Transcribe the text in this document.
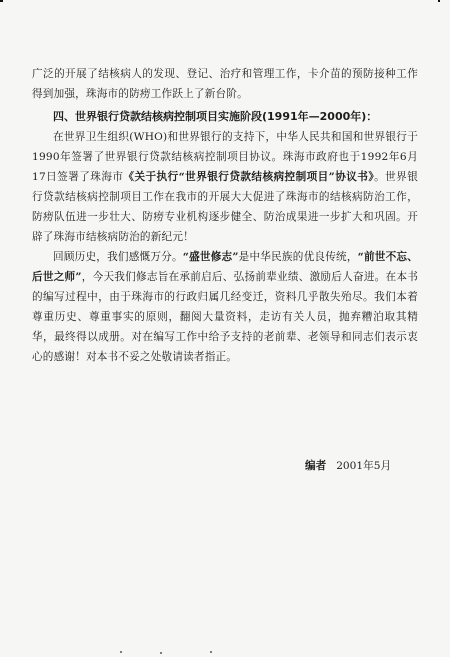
广泛的开展了结核病人的发现、登记、治疗和管理工作，卡介苗的预防接种工作得到加强，珠海市的防痨工作跃上了新台阶。

四、世界银行贷款结核病控制项目实施阶段(1991年—2000年)：

在世界卫生组织(WHO)和世界银行的支持下，中华人民共和国和世界银行于1990年签署了世界银行贷款结核病控制项目协议。珠海市政府也于1992年6月17日签署了珠海市《关于执行“世界银行贷款结核病控制项目”协议书》。世界银行贷款结核病控制项目工作在我市的开展大大促进了珠海市的结核病防治工作，防痨队伍进一步壮大、防痨专业机构逐步健全、防治成果进一步扩大和巩固。开辟了珠海市结核病防治的新纪元！

回顾历史，我们感慨万分。“盛世修志”是中华民族的优良传统，“前世不忘、后世之师”，今天我们修志旨在承前启后、弘扬前辈业绩、激励后人奋进。在本书的编写过程中，由于珠海市的行政归属几经变迁，资料几乎散失殆尽。我们本着尊重历史、尊重事实的原则，翻阅大量资料，走访有关人员，抛弃糟泊取其精华，最终得以成册。对在编写工作中给予支持的老前辈、老领导和同志们表示衷心的感谢！对本书不妥之处敬请读者指正。

编者 2001年5月
